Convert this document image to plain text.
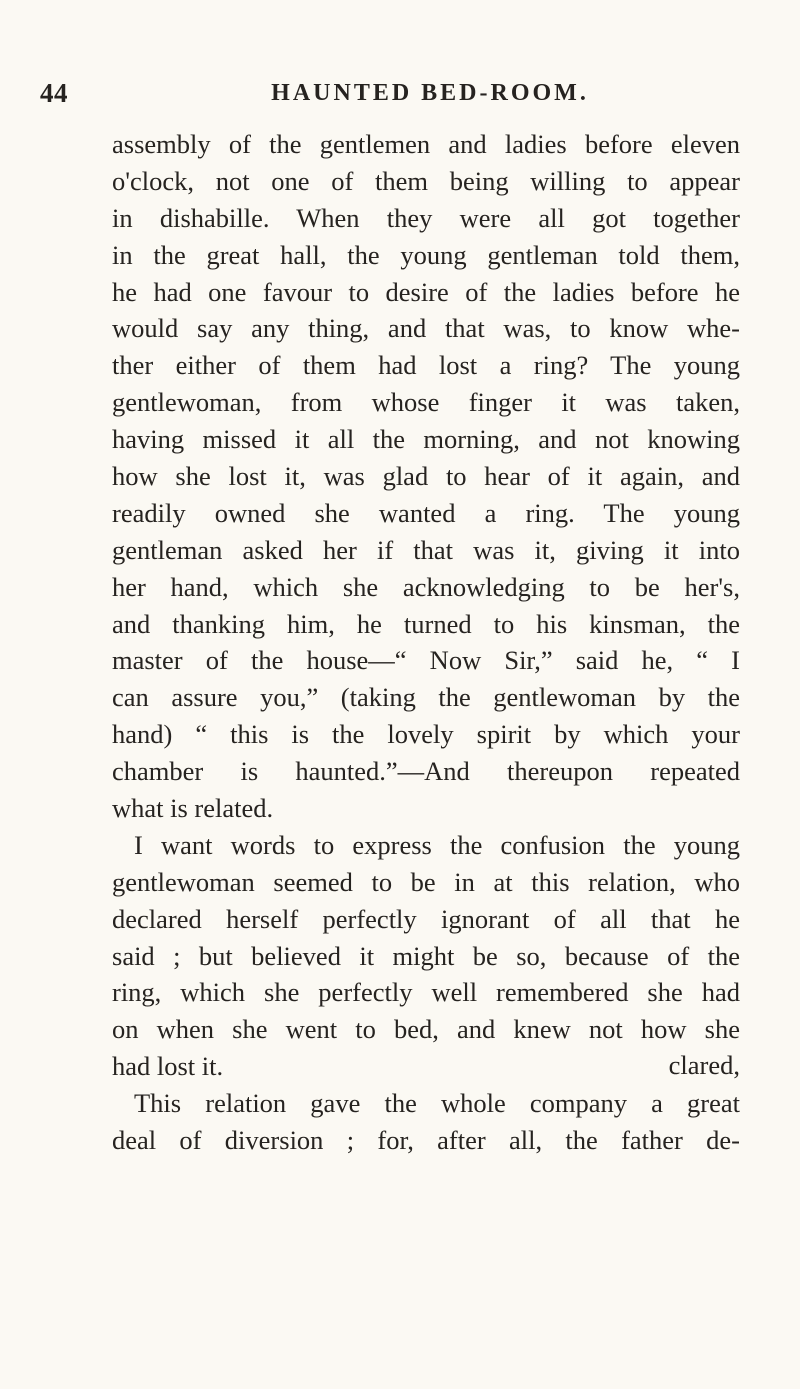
44	HAUNTED BED-ROOM.
assembly of the gentlemen and ladies before eleven
o'clock, not one of them being willing to appear
in dishabille. When they were all got together
in the great hall, the young gentleman told them,
he had one favour to desire of the ladies before he
would say any thing, and that was, to know whe-
ther either of them had lost a ring? The young
gentlewoman, from whose finger it was taken,
having missed it all the morning, and not knowing
how she lost it, was glad to hear of it again, and
readily owned she wanted a ring. The young
gentleman asked her if that was it, giving it into
her hand, which she acknowledging to be her's,
and thanking him, he turned to his kinsman, the
master of the house—“ Now Sir,” said he, “ I
can assure you,” (taking the gentlewoman by the
hand) “ this is the lovely spirit by which your
chamber is haunted.”—And thereupon repeated
what is related.
I want words to express the confusion the young
gentlewoman seemed to be in at this relation, who
declared herself perfectly ignorant of all that he
said ; but believed it might be so, because of the
ring, which she perfectly well remembered she had
on when she went to bed, and knew not how she
had lost it.
This relation gave the whole company a great
deal of diversion ; for, after all, the father de-
clared,
